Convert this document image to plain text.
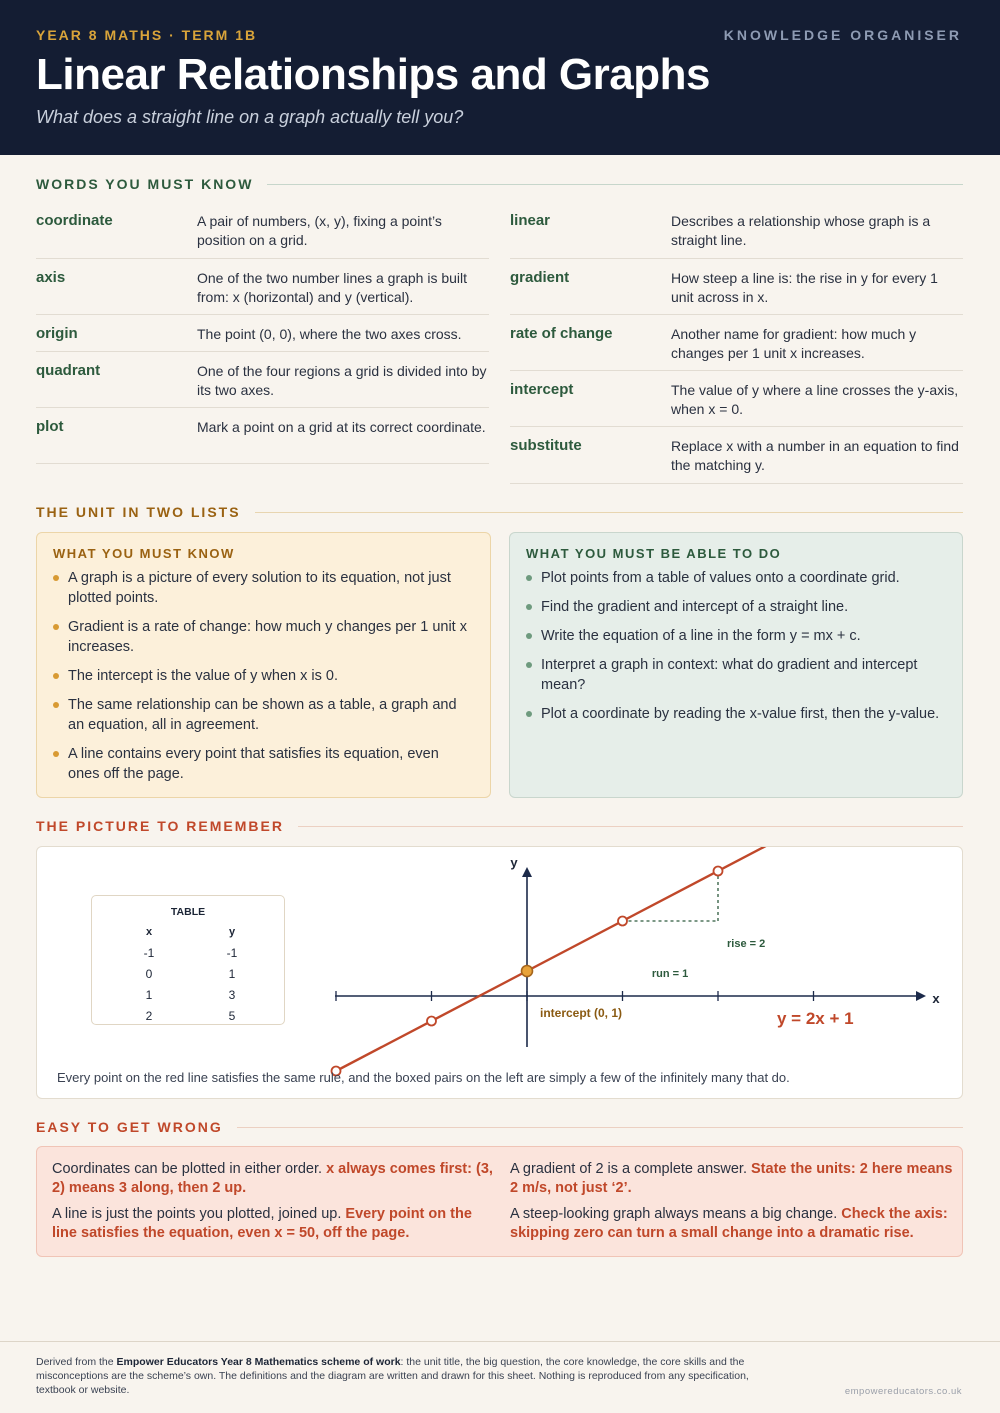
YEAR 8 MATHS · TERM 1B	KNOWLEDGE ORGANISER
Linear Relationships and Graphs
What does a straight line on a graph actually tell you?
WORDS YOU MUST KNOW
coordinate	A pair of numbers, (x, y), fixing a point’s position on a grid.
axis	One of the two number lines a graph is built from: x (horizontal) and y (vertical).
origin	The point (0, 0), where the two axes cross.
quadrant	One of the four regions a grid is divided into by its two axes.
plot	Mark a point on a grid at its correct coordinate.
linear	Describes a relationship whose graph is a straight line.
gradient	How steep a line is: the rise in y for every 1 unit across in x.
rate of change	Another name for gradient: how much y changes per 1 unit x increases.
intercept	The value of y where a line crosses the y-axis, when x = 0.
substitute	Replace x with a number in an equation to find the matching y.
THE UNIT IN TWO LISTS
WHAT YOU MUST KNOW
A graph is a picture of every solution to its equation, not just plotted points.
Gradient is a rate of change: how much y changes per 1 unit x increases.
The intercept is the value of y when x is 0.
The same relationship can be shown as a table, a graph and an equation, all in agreement.
A line contains every point that satisfies its equation, even ones off the page.
WHAT YOU MUST BE ABLE TO DO
Plot points from a table of values onto a coordinate grid.
Find the gradient and intercept of a straight line.
Write the equation of a line in the form y = mx + c.
Interpret a graph in context: what do gradient and intercept mean?
Plot a coordinate by reading the x-value first, then the y-value.
THE PICTURE TO REMEMBER
TABLE
x	y
-1	-1
0	1
1	3
2	5
y
x
rise = 2
run = 1
intercept (0, 1)	y = 2x + 1
Every point on the red line satisfies the same rule, and the boxed pairs on the left are simply a few of the infinitely many that do.
EASY TO GET WRONG
Coordinates can be plotted in either order. x always comes first: (3, 2) means 3 along, then 2 up.
A line is just the points you plotted, joined up. Every point on the line satisfies the equation, even x = 50, off the page.
A gradient of 2 is a complete answer. State the units: 2 here means 2 m/s, not just ‘2’.
A steep-looking graph always means a big change. Check the axis: skipping zero can turn a small change into a dramatic rise.
Derived from the Empower Educators Year 8 Mathematics scheme of work: the unit title, the big question, the core knowledge, the core skills and the misconceptions are the scheme’s own. The definitions and the diagram are written and drawn for this sheet. Nothing is reproduced from any specification, textbook or website.	empowereducators.co.uk
